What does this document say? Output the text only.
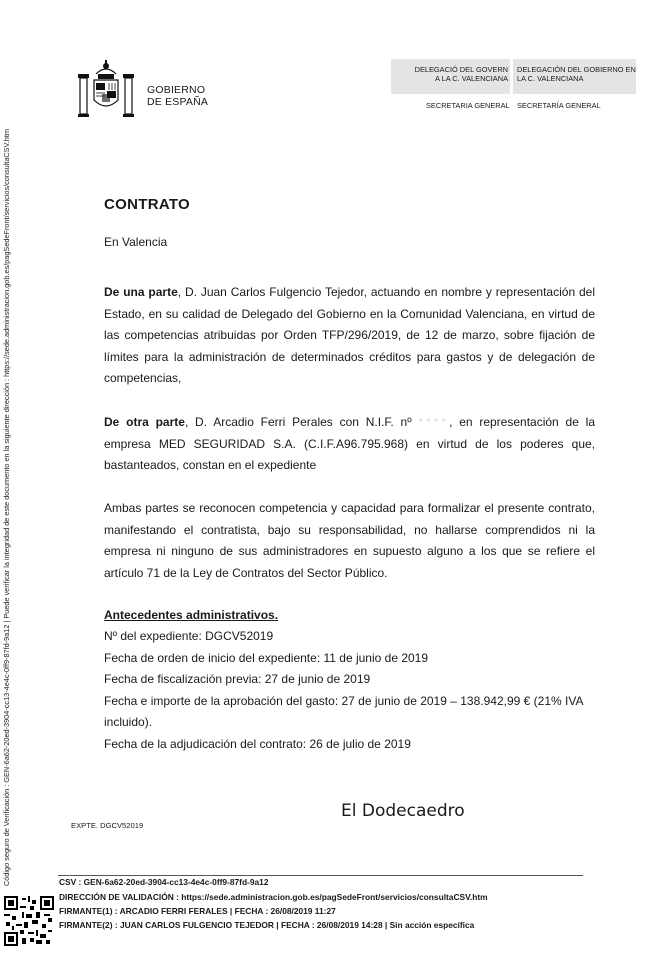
Código seguro de Verificación : GEN-6a62-20ed-3904-cc13-4e4c-0ff9-87fd-9a12 | Puede verificar la integridad de este documento en la siguiente dirección : https://sede.administracion.gob.es/pagSedeFront/servicios/consultaCSV.htm
GOBIERNO
DE ESPAÑA
DELEGACIÓ DEL GOVERN
A LA C. VALENCIANA
DELEGACIÓN DEL GOBIERNO EN
LA C. VALENCIANA
SECRETARIA GENERAL SECRETARÍA GENERAL
CONTRATO
En Valencia
De una parte, D. Juan Carlos Fulgencio Tejedor, actuando en nombre y representación del Estado, en su calidad de Delegado del Gobierno en la Comunidad Valenciana, en virtud de las competencias atribuidas por Orden TFP/296/2019, de 12 de marzo, sobre fijación de límites para la administración de determinados créditos para gastos y de delegación de competencias,
De otra parte, D. Arcadio Ferri Perales con N.I.F. nº ****, en representación de la empresa MED SEGURIDAD S.A. (C.I.F.A96.795.968) en virtud de los poderes que, bastanteados, constan en el expediente
Ambas partes se reconocen competencia y capacidad para formalizar el presente contrato, manifestando el contratista, bajo su responsabilidad, no hallarse comprendidos ni la empresa ni ninguno de sus administradores en supuesto alguno a los que se refiere el artículo 71 de la Ley de Contratos del Sector Público.
Antecedentes administrativos.
Nº del expediente: DGCV52019
Fecha de orden de inicio del expediente: 11 de junio de 2019
Fecha de fiscalización previa: 27 de junio de 2019
Fecha e importe de la aprobación del gasto: 27 de junio de 2019 – 138.942,99 € (21% IVA incluido).
Fecha de la adjudicación del contrato: 26 de julio de 2019
El Dodecaedro
EXPTE. DGCV52019
CSV : GEN-6a62-20ed-3904-cc13-4e4c-0ff9-87fd-9a12
DIRECCIÓN DE VALIDACIÓN : https://sede.administracion.gob.es/pagSedeFront/servicios/consultaCSV.htm
FIRMANTE(1) : ARCADIO FERRI FERALES | FECHA : 26/08/2019 11:27
FIRMANTE(2) : JUAN CARLOS FULGENCIO TEJEDOR | FECHA : 26/08/2019 14:28 | Sin acción específica
